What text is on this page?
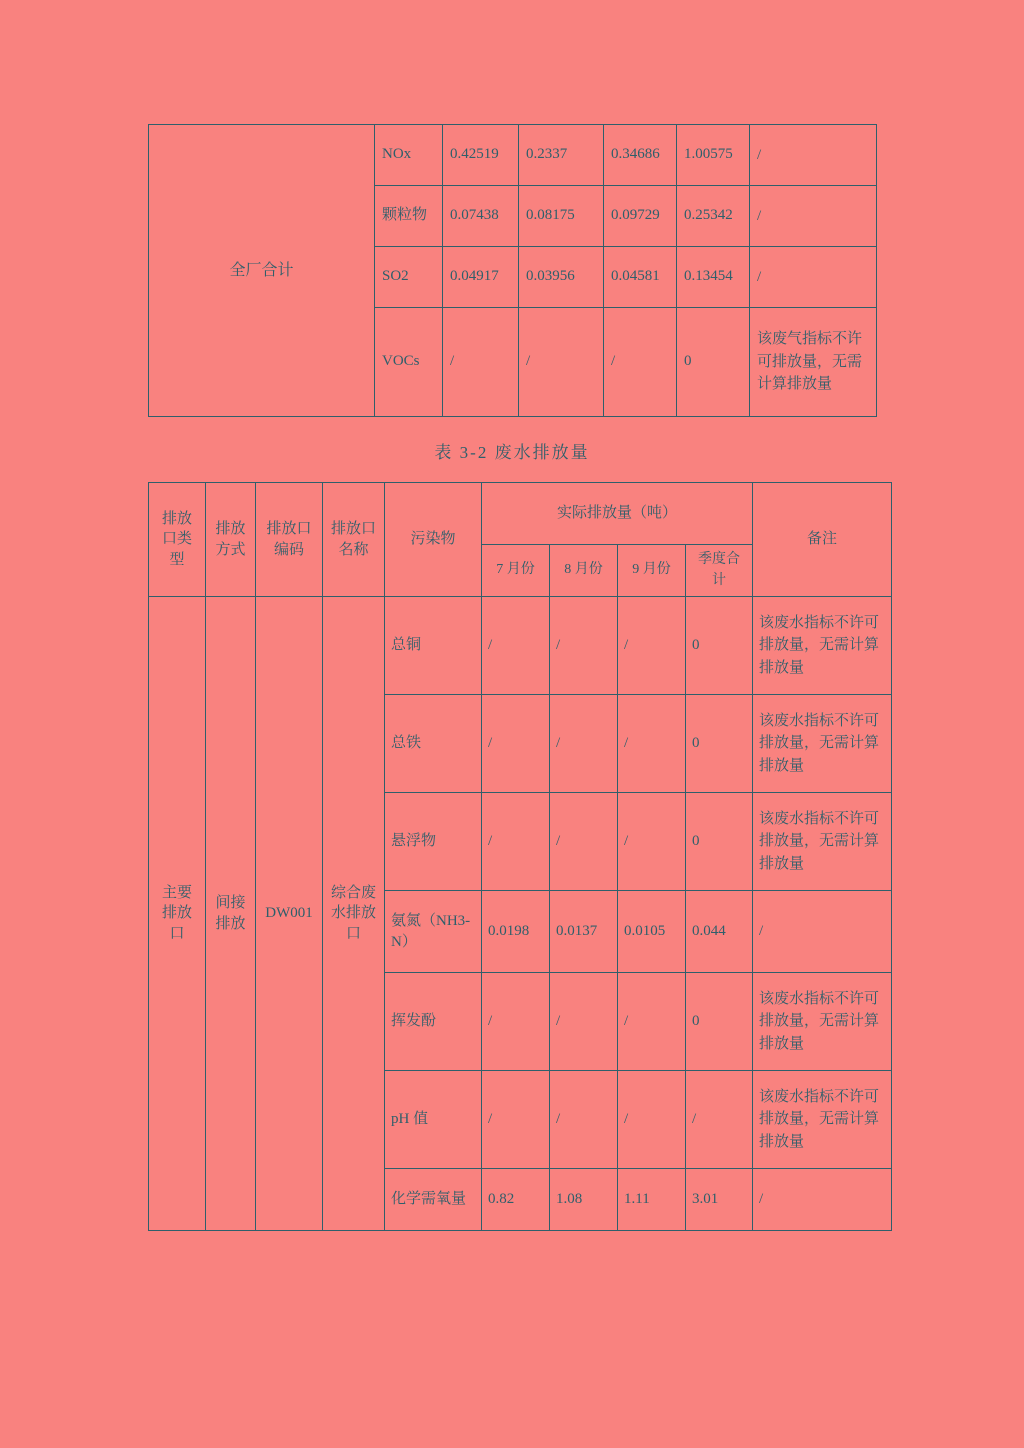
全厂合计	NOx	0.42519	0.2337	0.34686	1.00575	/
	颗粒物	0.07438	0.08175	0.09729	0.25342	/
	SO2	0.04917	0.03956	0.04581	0.13454	/
	VOCs	/	/	/	0	该废气指标不许可排放量，无需计算排放量
表 3-2 废水排放量
排放口类型	排放方式	排放口编码	排放口名称	污染物	实际排放量（吨）				备注
					7 月份	8 月份	9 月份	季度合计	
主要排放口	间接排放	DW001	综合废水排放口	总铜	/	/	/	0	该废水指标不许可排放量，无需计算排放量
				总铁	/	/	/	0	该废水指标不许可排放量，无需计算排放量
				悬浮物	/	/	/	0	该废水指标不许可排放量，无需计算排放量
				氨氮（NH3-N）	0.0198	0.0137	0.0105	0.044	/
				挥发酚	/	/	/	0	该废水指标不许可排放量，无需计算排放量
				pH 值	/	/	/	/	该废水指标不许可排放量，无需计算排放量
				化学需氧量	0.82	1.08	1.11	3.01	/
